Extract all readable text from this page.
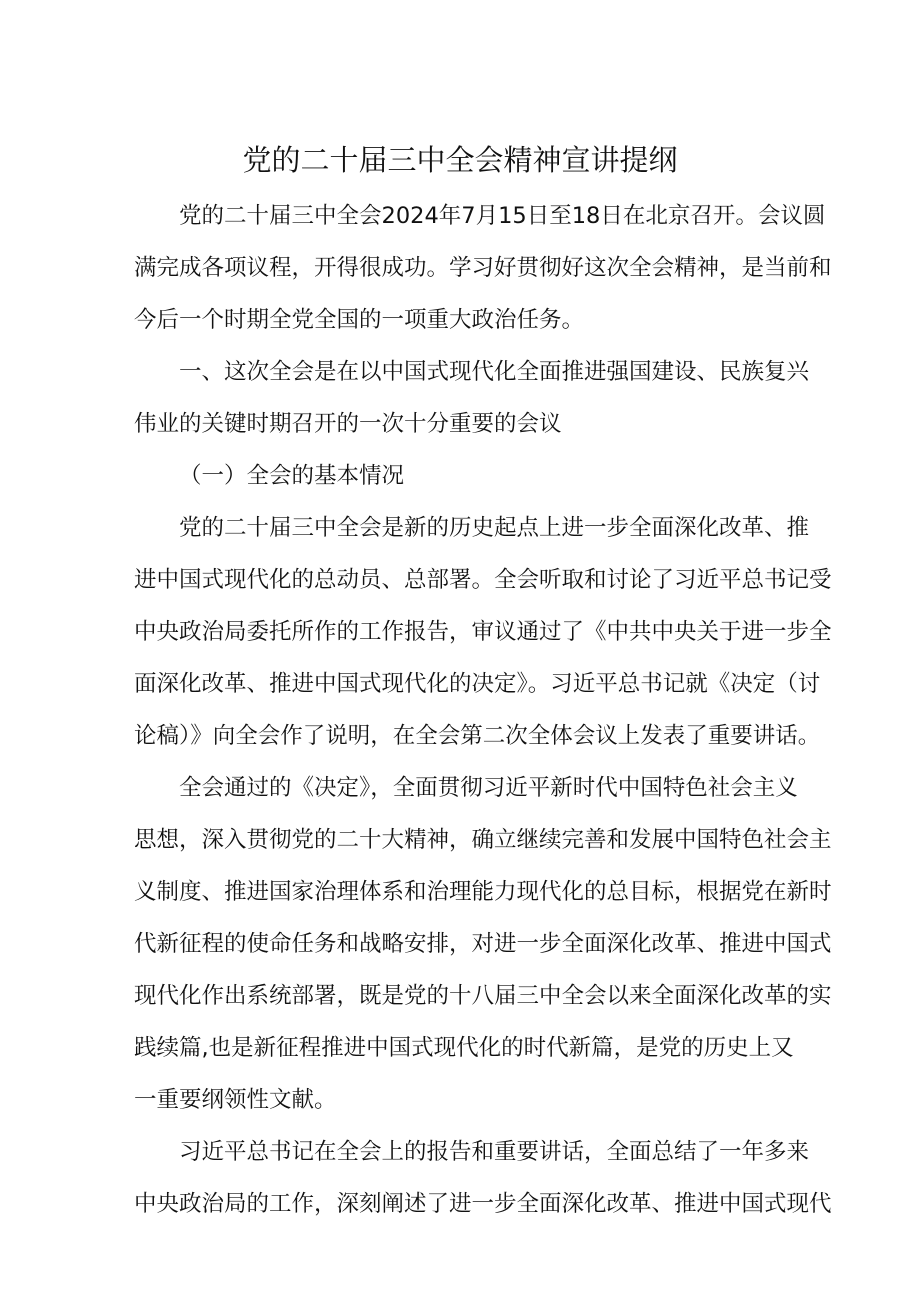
党的二十届三中全会精神宣讲提纲
党的二十届三中全会2024年7月15日至18日在北京召开。会议圆
满完成各项议程，开得很成功。学习好贯彻好这次全会精神，是当前和
今后一个时期全党全国的一项重大政治任务。
一、这次全会是在以中国式现代化全面推进强国建设、民族复兴
伟业的关键时期召开的一次十分重要的会议
（一）全会的基本情况
党的二十届三中全会是新的历史起点上进一步全面深化改革、推
进中国式现代化的总动员、总部署。全会听取和讨论了习近平总书记受
中央政治局委托所作的工作报告，审议通过了《中共中央关于进一步全
面深化改革、推进中国式现代化的决定》。习近平总书记就《决定（讨
论稿）》向全会作了说明，在全会第二次全体会议上发表了重要讲话。
全会通过的《决定》，全面贯彻习近平新时代中国特色社会主义
思想，深入贯彻党的二十大精神，确立继续完善和发展中国特色社会主
义制度、推进国家治理体系和治理能力现代化的总目标，根据党在新时
代新征程的使命任务和战略安排，对进一步全面深化改革、推进中国式
现代化作出系统部署，既是党的十八届三中全会以来全面深化改革的实
践续篇,也是新征程推进中国式现代化的时代新篇，是党的历史上又
一重要纲领性文献。
习近平总书记在全会上的报告和重要讲话，全面总结了一年多来
中央政治局的工作，深刻阐述了进一步全面深化改革、推进中国式现代
